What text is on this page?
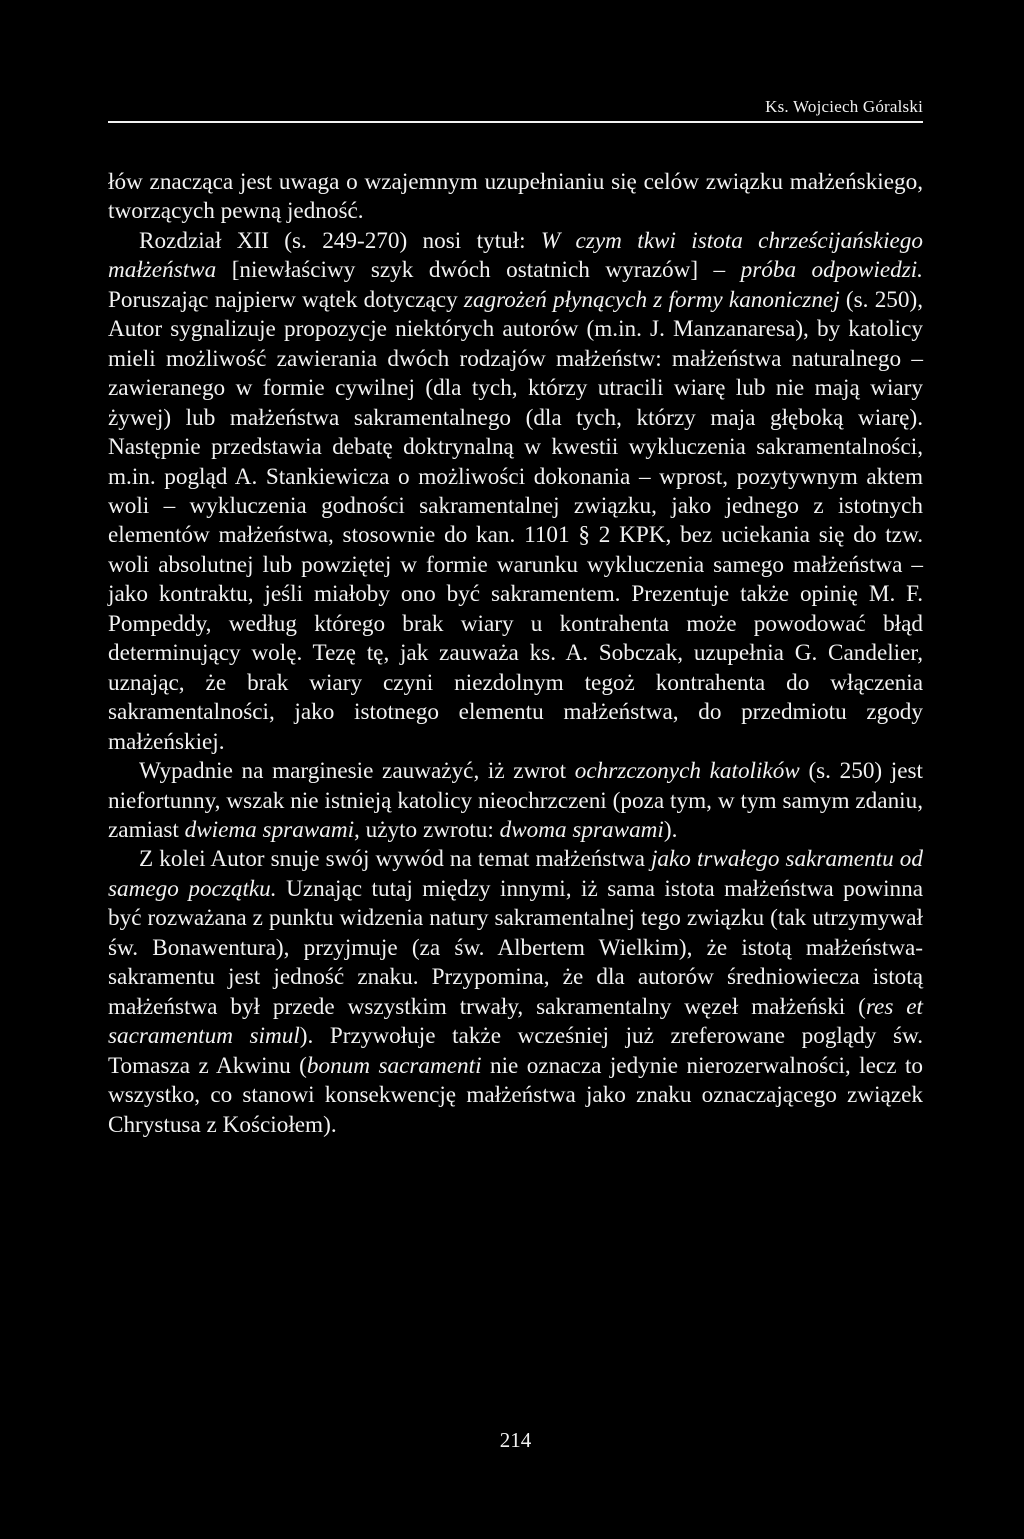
Ks. Wojciech Góralski

łów znacząca jest uwaga o wzajemnym uzupełnianiu się celów związku małżeńskiego, tworzących pewną jedność.

Rozdział XII (s. 249-270) nosi tytuł: W czym tkwi istota chrześcijańskiego małżeństwa [niewłaściwy szyk dwóch ostatnich wyrazów] – próba odpowiedzi. Poruszając najpierw wątek dotyczący zagrożeń płynących z formy kanonicznej (s. 250), Autor sygnalizuje propozycje niektórych autorów (m.in. J. Manzanaresa), by katolicy mieli możliwość zawierania dwóch rodzajów małżeństw: małżeństwa naturalnego – zawieranego w formie cywilnej (dla tych, którzy utracili wiarę lub nie mają wiary żywej) lub małżeństwa sakramentalnego (dla tych, którzy maja głęboką wiarę). Następnie przedstawia debatę doktrynalną w kwestii wykluczenia sakramentalności, m.in. pogląd A. Stankiewicza o możliwości dokonania – wprost, pozytywnym aktem woli – wykluczenia godności sakramentalnej związku, jako jednego z istotnych elementów małżeństwa, stosownie do kan. 1101 § 2 KPK, bez uciekania się do tzw. woli absolutnej lub powziętej w formie warunku wykluczenia samego małżeństwa – jako kontraktu, jeśli miałoby ono być sakramentem. Prezentuje także opinię M. F. Pompeddy, według którego brak wiary u kontrahenta może powodować błąd determinujący wolę. Tezę tę, jak zauważa ks. A. Sobczak, uzupełnia G. Candelier, uznając, że brak wiary czyni niezdolnym tegoż kontrahenta do włączenia sakramentalności, jako istotnego elementu małżeństwa, do przedmiotu zgody małżeńskiej.

Wypadnie na marginesie zauważyć, iż zwrot ochrzczonych katolików (s. 250) jest niefortunny, wszak nie istnieją katolicy nieochrzczeni (poza tym, w tym samym zdaniu, zamiast dwiema sprawami, użyto zwrotu: dwoma sprawami).

Z kolei Autor snuje swój wywód na temat małżeństwa jako trwałego sakramentu od samego początku. Uznając tutaj między innymi, iż sama istota małżeństwa powinna być rozważana z punktu widzenia natury sakramentalnej tego związku (tak utrzymywał św. Bonawentura), przyjmuje (za św. Albertem Wielkim), że istotą małżeństwa-sakramentu jest jedność znaku. Przypomina, że dla autorów średniowiecza istotą małżeństwa był przede wszystkim trwały, sakramentalny węzeł małżeński (res et sacramentum simul). Przywołuje także wcześniej już zreferowane poglądy św. Tomasza z Akwinu (bonum sacramenti nie oznacza jedynie nierozerwalności, lecz to wszystko, co stanowi konsekwencję małżeństwa jako znaku oznaczającego związek Chrystusa z Kościołem).

214
